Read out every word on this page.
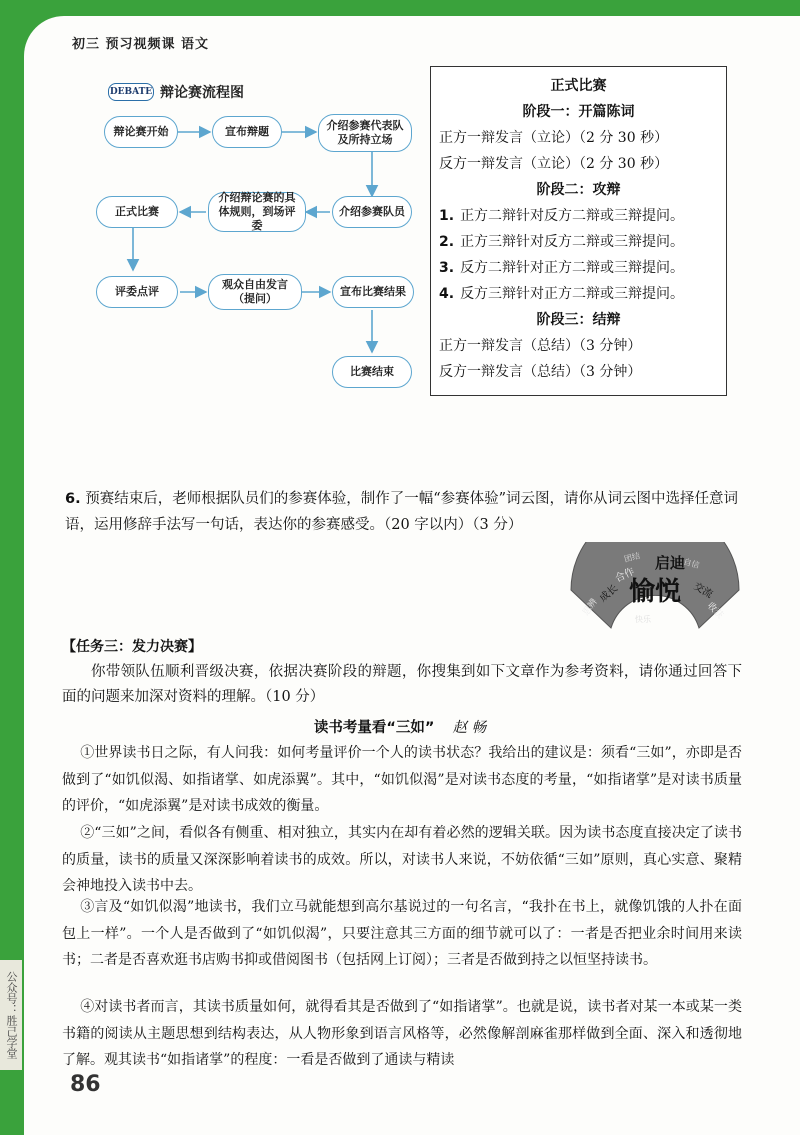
初三 预习视频课 语文
DEBATE 辩论赛流程图
辩论赛开始	宣布辩题	介绍参赛代表队及所持立场
介绍参赛队员
介绍辩论赛的具体规则，到场评委
正式比赛
评委点评
观众自由发言（提问）
宣布比赛结果
比赛结束
正式比赛
阶段一：开篇陈词
正方一辩发言（立论）（2 分 30 秒）
反方一辩发言（立论）（2 分 30 秒）
阶段二：攻辩
1. 正方二辩针对反方二辩或三辩提问。
2. 正方三辩针对反方二辩或三辩提问。
3. 反方二辩针对正方二辩或三辩提问。
4. 反方三辩针对正方二辩或三辩提问。
阶段三：结辩
正方一辩发言（总结）（3 分钟）
反方一辩发言（总结）（3 分钟）
6. 预赛结束后，老师根据队员们的参赛体验，制作了一幅“参赛体验”词云图，请你从词云图中选择任意词语，运用修辞手法写一句话，表达你的参赛感受。（20 字以内）（3 分）
成长
合作
愉悦
启迪
交流
收获
思辨
团结	自信
快乐
【任务三：发力决赛】
你带领队伍顺利晋级决赛，依据决赛阶段的辩题，你搜集到如下文章作为参考资料，请你通过回答下面的问题来加深对资料的理解。（10 分）
读书考量看“三如” 赵 畅
①世界读书日之际，有人问我：如何考量评价一个人的读书状态？我给出的建议是：须看“三如”，亦即是否做到了“如饥似渴、如指诸掌、如虎添翼”。其中，“如饥似渴”是对读书态度的考量，“如指诸掌”是对读书质量的评价，“如虎添翼”是对读书成效的衡量。
②“三如”之间，看似各有侧重、相对独立，其实内在却有着必然的逻辑关联。因为读书态度直接决定了读书的质量，读书的质量又深深影响着读书的成效。所以，对读书人来说，不妨依循“三如”原则，真心实意、聚精会神地投入读书中去。
③言及“如饥似渴”地读书，我们立马就能想到高尔基说过的一句名言，“我扑在书上，就像饥饿的人扑在面包上一样”。一个人是否做到了“如饥似渴”，只要注意其三方面的细节就可以了：一者是否把业余时间用来读书；二者是否喜欢逛书店购书抑或借阅图书（包括网上订阅）；三者是否做到持之以恒坚持读书。
④对读书者而言，其读书质量如何，就得看其是否做到了“如指诸掌”。也就是说，读书者对某一本或某一类书籍的阅读从主题思想到结构表达，从人物形象到语言风格等，必然像解剖麻雀那样做到全面、深入和透彻地了解。观其读书“如指诸掌”的程度：一看是否做到了通读与精读
公众号：胜己学堂
86
